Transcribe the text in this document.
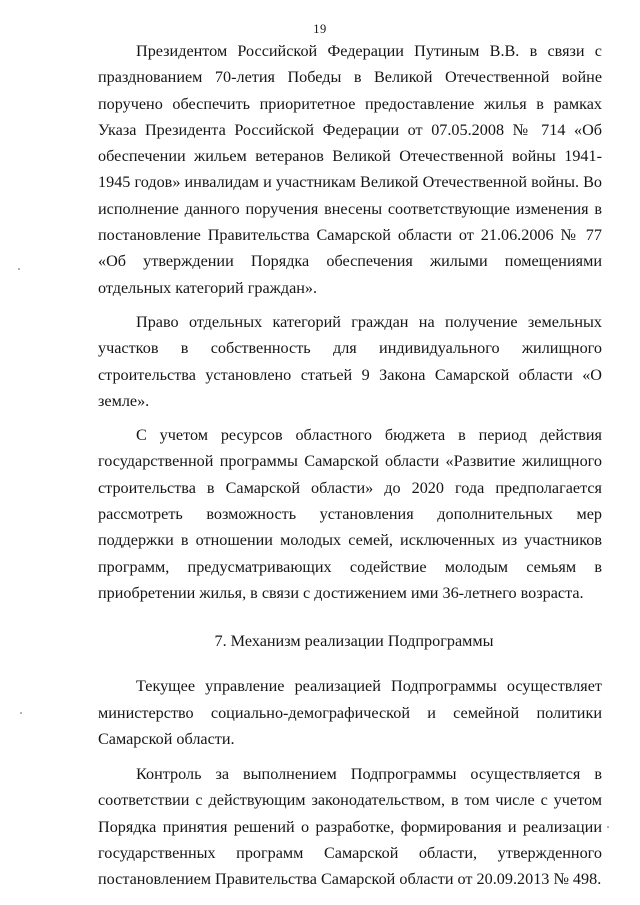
19

Президентом Российской Федерации Путиным В.В. в связи с празднованием 70-летия Победы в Великой Отечественной войне поручено обеспечить приоритетное предоставление жилья в рамках Указа Президента Российской Федерации от 07.05.2008 № 714 «Об обеспечении жильем ветеранов Великой Отечественной войны 1941-1945 годов» инвалидам и участникам Великой Отечественной войны. Во исполнение данного поручения внесены соответствующие изменения в постановление Правительства Самарской области от 21.06.2006 № 77 «Об утверждении Порядка обеспечения жилыми помещениями отдельных категорий граждан».

Право отдельных категорий граждан на получение земельных участков в собственность для индивидуального жилищного строительства установлено статьей 9 Закона Самарской области «О земле».

С учетом ресурсов областного бюджета в период действия государственной программы Самарской области «Развитие жилищного строительства в Самарской области» до 2020 года предполагается рассмотреть возможность установления дополнительных мер поддержки в отношении молодых семей, исключенных из участников программ, предусматривающих содействие молодым семьям в приобретении жилья, в связи с достижением ими 36-летнего возраста.

7. Механизм реализации Подпрограммы

Текущее управление реализацией Подпрограммы осуществляет министерство социально-демографической и семейной политики Самарской области.

Контроль за выполнением Подпрограммы осуществляется в соответствии с действующим законодательством, в том числе с учетом Порядка принятия решений о разработке, формирования и реализации государственных программ Самарской области, утвержденного постановлением Правительства Самарской области от 20.09.2013 № 498.
